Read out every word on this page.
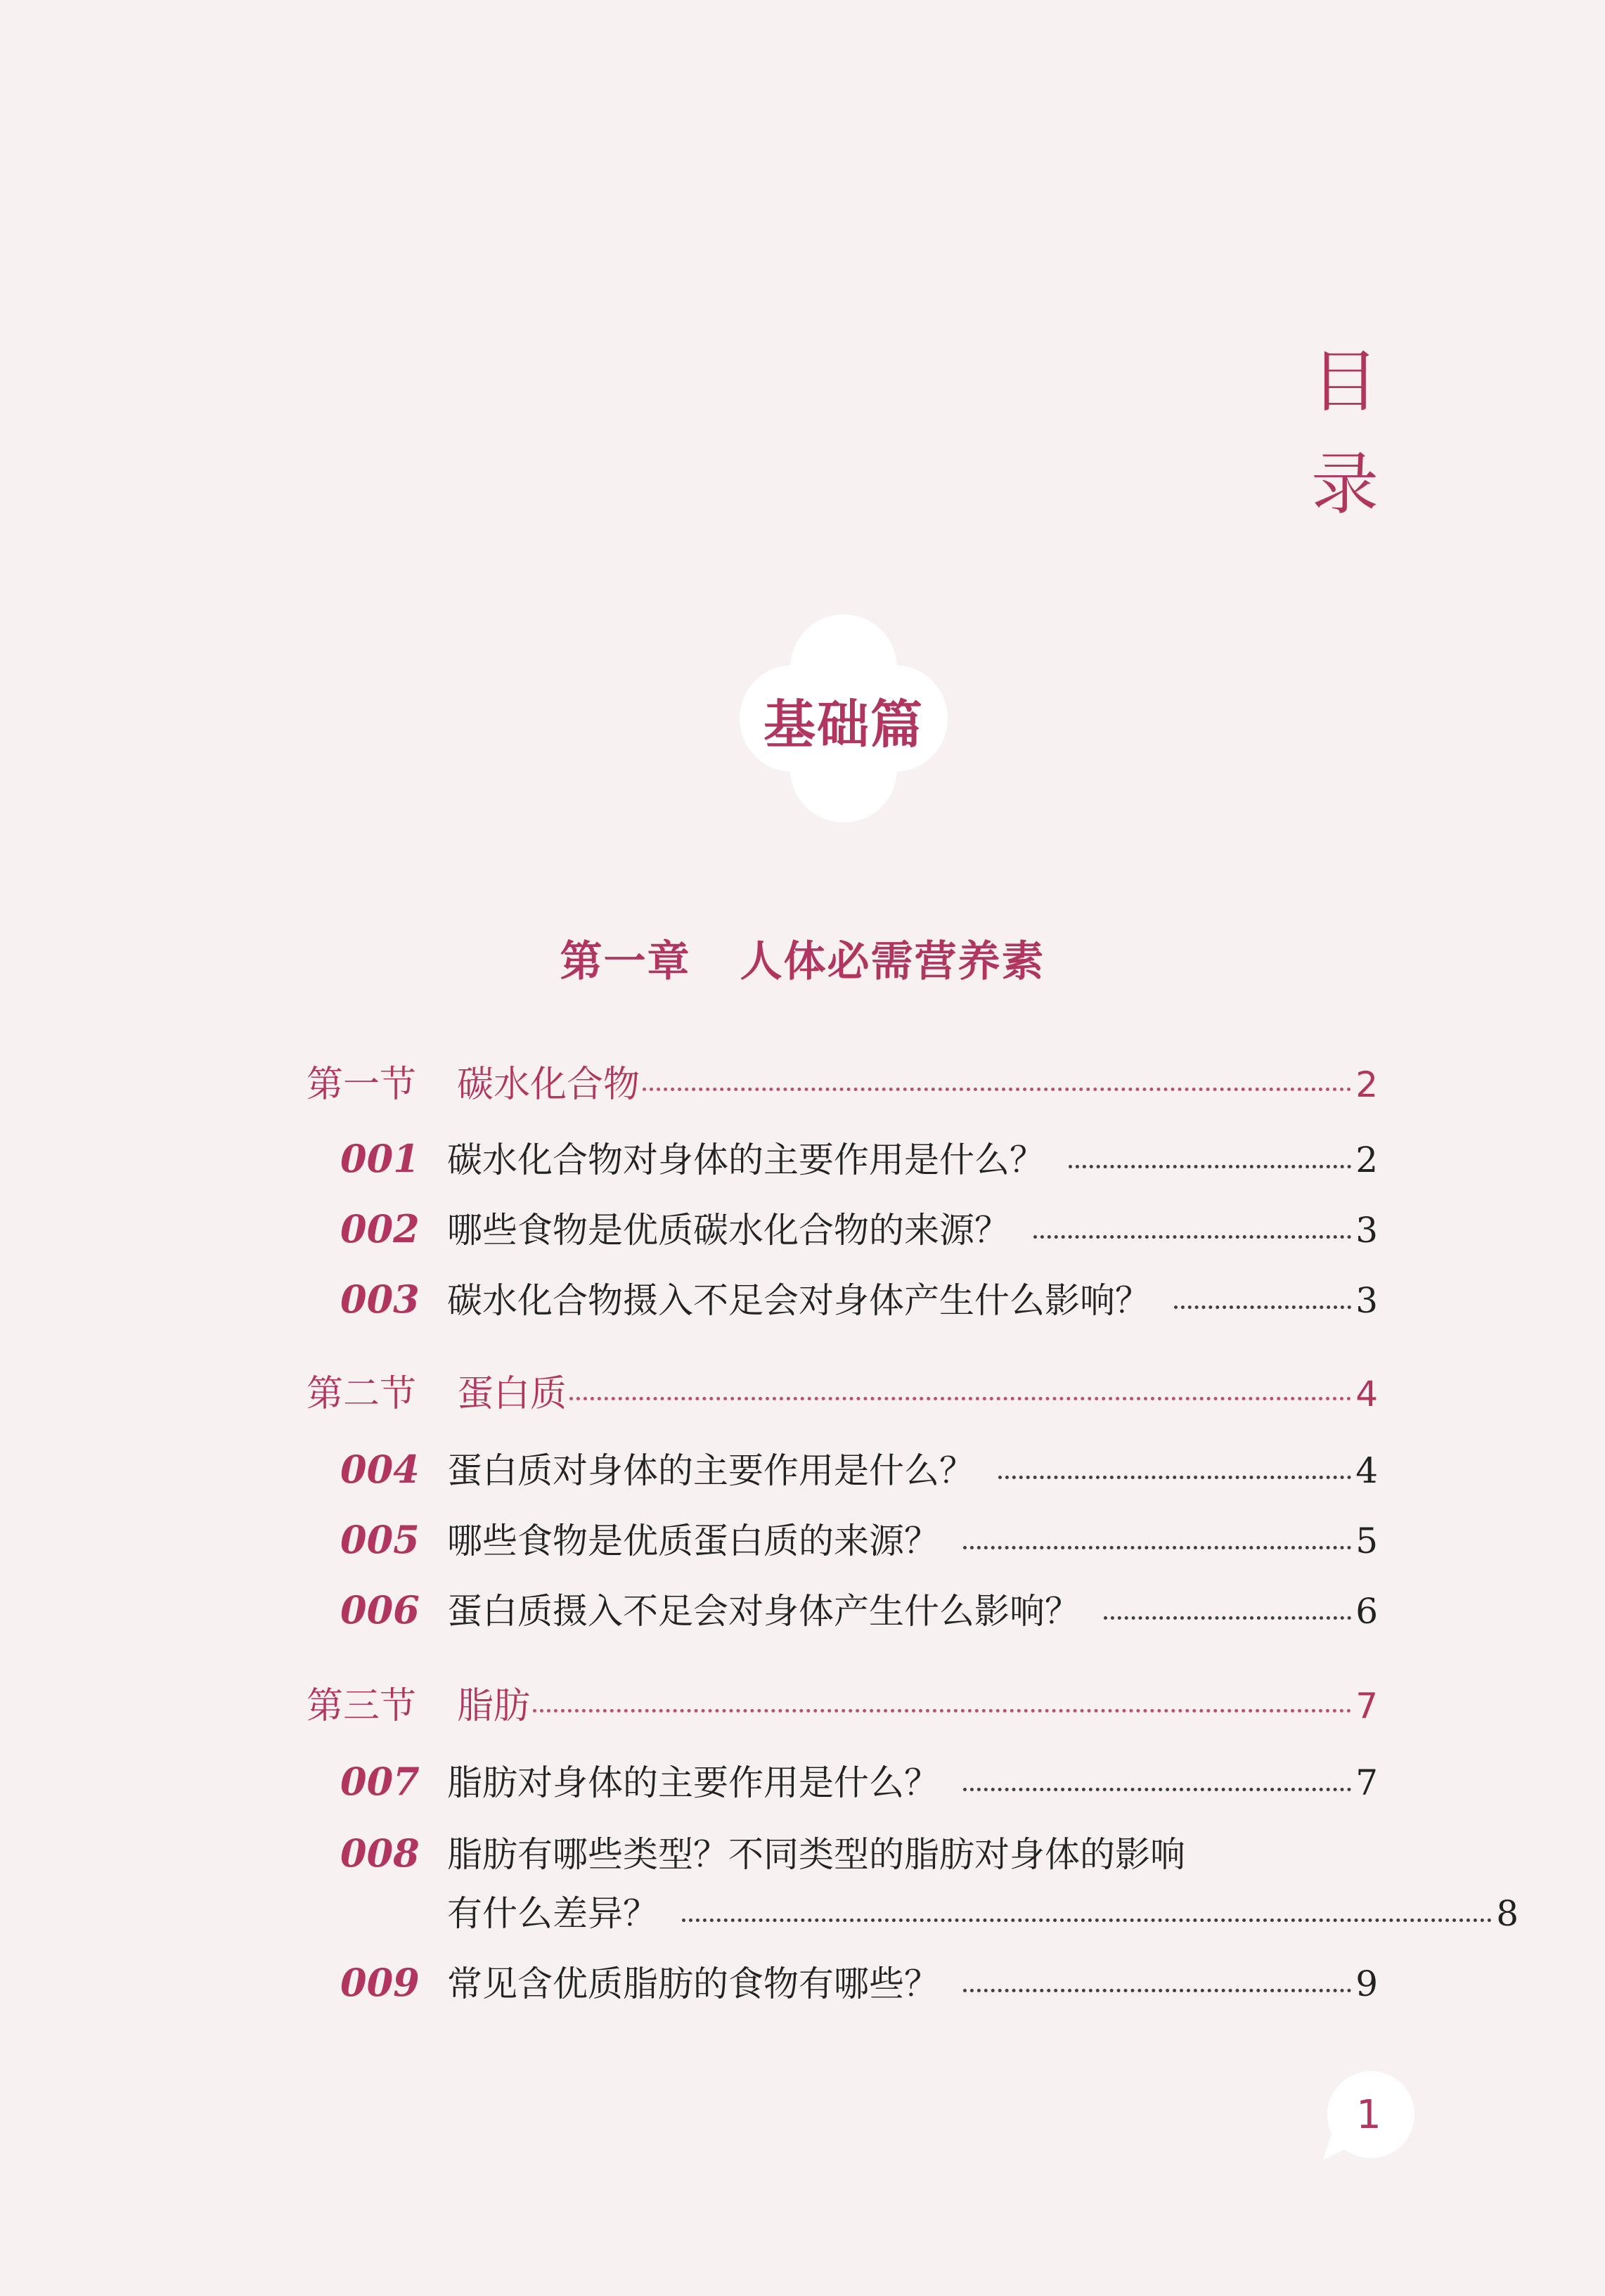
目
录
基础篇
第一章 人体必需营养素
第一节	碳水化合物	2
001 碳水化合物对身体的主要作用是什么？	2
002 哪些食物是优质碳水化合物的来源？	3
003 碳水化合物摄入不足会对身体产生什么影响？	3
第二节	蛋白质	4
004 蛋白质对身体的主要作用是什么？	4
005 哪些食物是优质蛋白质的来源？	5
006 蛋白质摄入不足会对身体产生什么影响？	6
第三节	脂肪	7
007 脂肪对身体的主要作用是什么？	7
008 脂肪有哪些类型？不同类型的脂肪对身体的影响
有什么差异？	8
009 常见含优质脂肪的食物有哪些？	9
1
